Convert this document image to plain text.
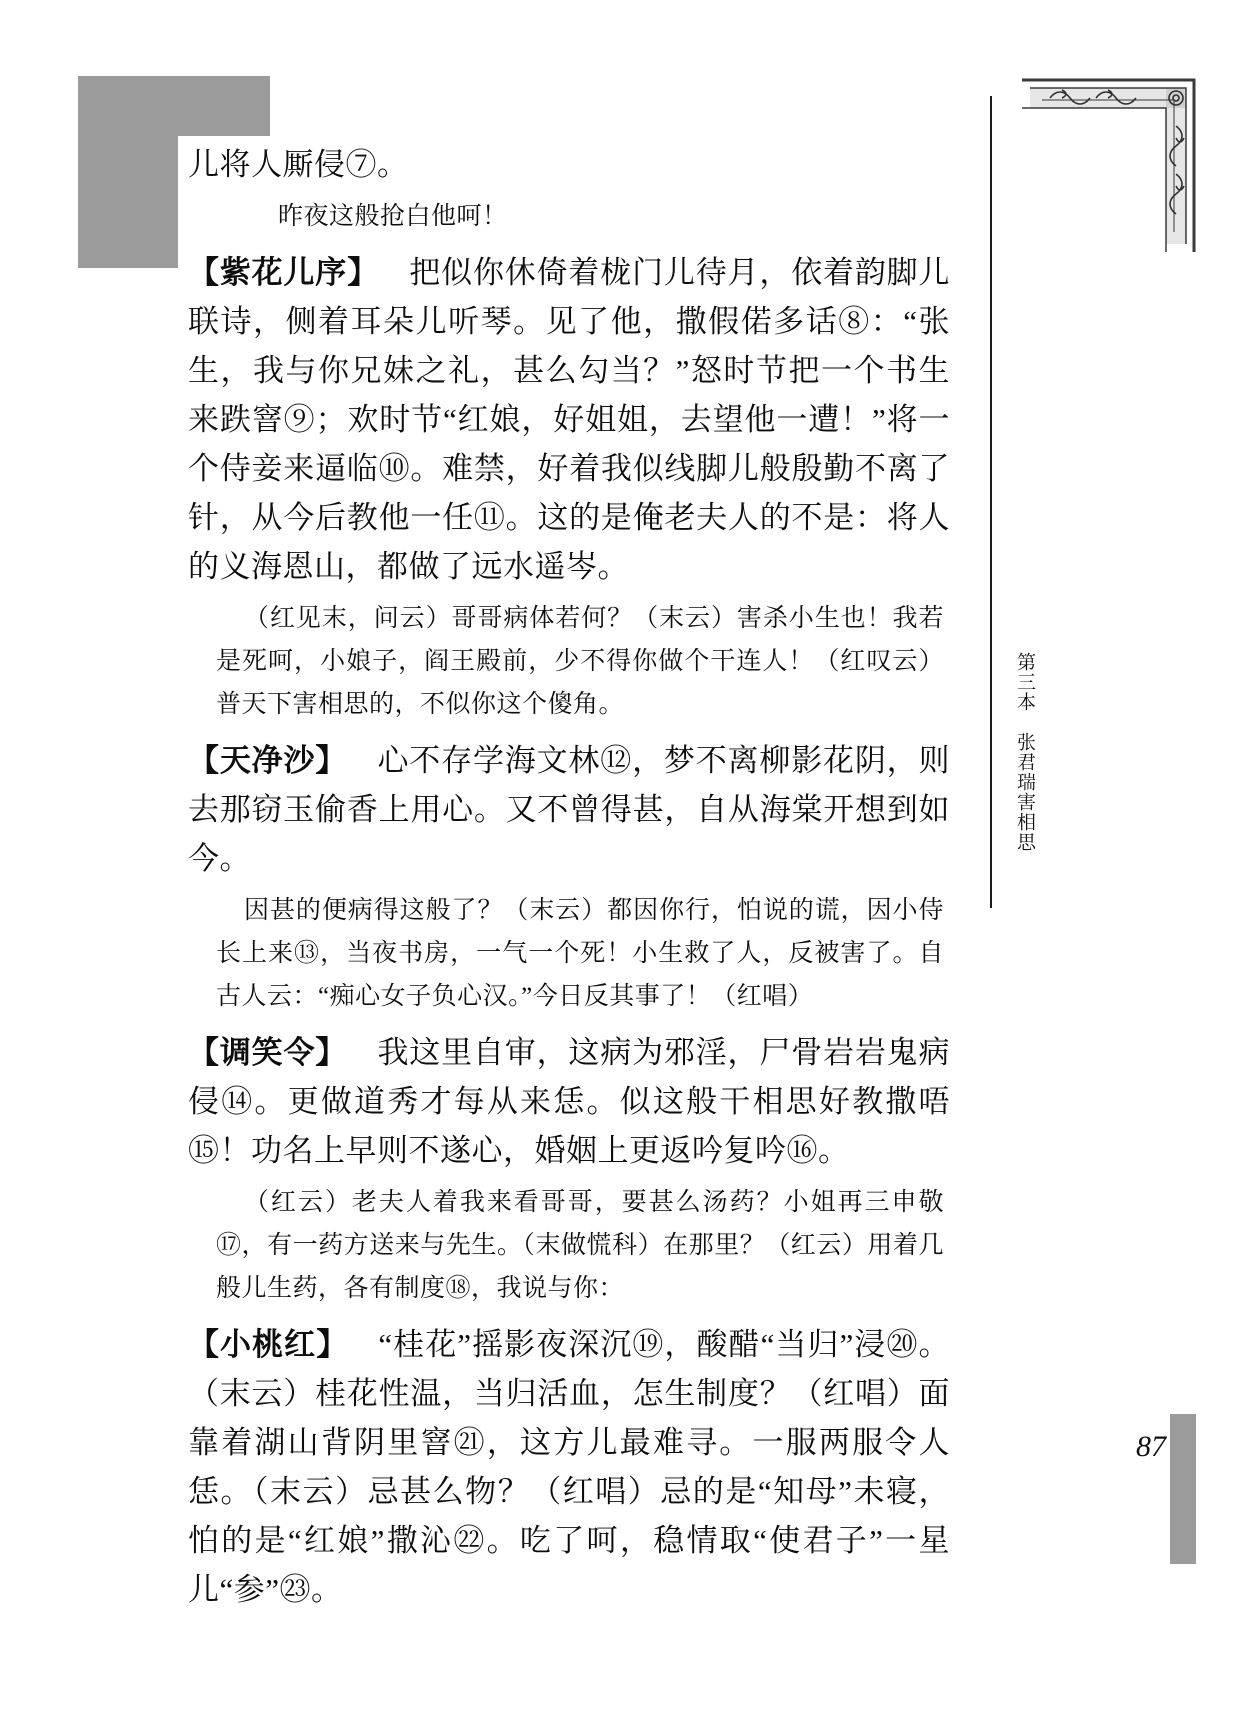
第三本　张君瑞害相思

儿将人厮侵⑦。

昨夜这般抢白他呵！

【紫花儿序】 把似你休倚着栊门儿待月，依着韵脚儿联诗，侧着耳朵儿听琴。见了他，撒假偌多话⑧：“张生，我与你兄妹之礼，甚么勾当？”怒时节把一个书生来跌窨⑨；欢时节“红娘，好姐姐，去望他一遭！”将一个侍妾来逼临⑩。难禁，好着我似线脚儿般殷勤不离了针，从今后教他一任⑪。这的是俺老夫人的不是：将人的义海恩山，都做了远水遥岑。

（红见末，问云）哥哥病体若何？（末云）害杀小生也！我若是死呵，小娘子，阎王殿前，少不得你做个干连人！（红叹云）普天下害相思的，不似你这个傻角。

【天净沙】 心不存学海文林⑫，梦不离柳影花阴，则去那窃玉偷香上用心。又不曾得甚，自从海棠开想到如今。

因甚的便病得这般了？（末云）都因你行，怕说的谎，因小侍长上来⑬，当夜书房，一气一个死！小生救了人，反被害了。自古人云：“痴心女子负心汉。”今日反其事了！（红唱）

【调笑令】 我这里自审，这病为邪淫，尸骨岩岩鬼病侵⑭。更做道秀才每从来恁。似这般干相思好教撒唔⑮！功名上早则不遂心，婚姻上更返吟复吟⑯。

（红云）老夫人着我来看哥哥，要甚么汤药？小姐再三申敬⑰，有一药方送来与先生。（末做慌科）在那里？（红云）用着几般儿生药，各有制度⑱，我说与你：

【小桃红】 “桂花”摇影夜深沉⑲，酸醋“当归”浸⑳。（末云）桂花性温，当归活血，怎生制度？（红唱）面靠着湖山背阴里窨㉑，这方儿最难寻。一服两服令人恁。（末云）忌甚么物？（红唱）忌的是“知母”未寝，怕的是“红娘”撒沁㉒。吃了呵，稳情取“使君子”一星儿“参”㉓。

87
